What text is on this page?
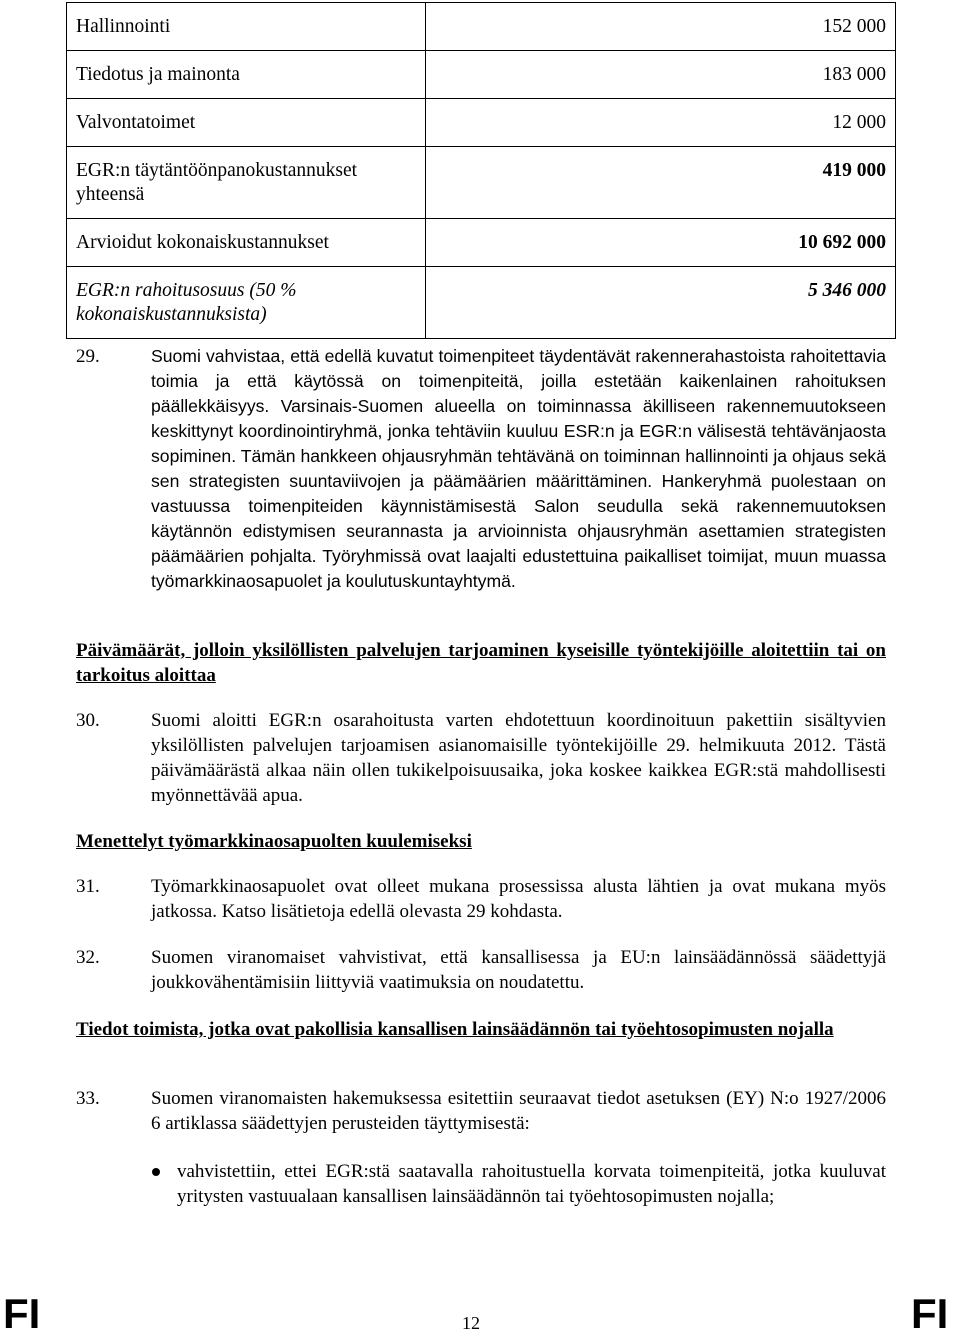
Hallinnointi	152 000
Tiedotus ja mainonta	183 000
Valvontatoimet	12 000
EGR:n täytäntöönpanokustannukset yhteensä	419 000
Arvioidut kokonaiskustannukset	10 692 000
EGR:n rahoitusosuus (50 % kokonaiskustannuksista)	5 346 000
29.	Suomi vahvistaa, että edellä kuvatut toimenpiteet täydentävät rakennerahastoista rahoitettavia toimia ja että käytössä on toimenpiteitä, joilla estetään kaikenlainen rahoituksen päällekkäisyys. Varsinais-Suomen alueella on toiminnassa äkilliseen rakennemuutokseen keskittynyt koordinointiryhmä, jonka tehtäviin kuuluu ESR:n ja EGR:n välisestä tehtävänjaosta sopiminen. Tämän hankkeen ohjausryhmän tehtävänä on toiminnan hallinnointi ja ohjaus sekä sen strategisten suuntaviivojen ja päämäärien määrittäminen. Hankeryhmä puolestaan on vastuussa toimenpiteiden käynnistämisestä Salon seudulla sekä rakennemuutoksen käytännön edistymisen seurannasta ja arvioinnista ohjausryhmän asettamien strategisten päämäärien pohjalta. Työryhmissä ovat laajalti edustettuina paikalliset toimijat, muun muassa työmarkkinaosapuolet ja koulutuskuntayhtymä.
Päivämäärät, jolloin yksilöllisten palvelujen tarjoaminen kyseisille työntekijöille aloitettiin tai on tarkoitus aloittaa
30.	Suomi aloitti EGR:n osarahoitusta varten ehdotettuun koordinoituun pakettiin sisältyvien yksilöllisten palvelujen tarjoamisen asianomaisille työntekijöille 29. helmikuuta 2012. Tästä päivämäärästä alkaa näin ollen tukikelpoisuusaika, joka koskee kaikkea EGR:stä mahdollisesti myönnettävää apua.
Menettelyt työmarkkinaosapuolten kuulemiseksi
31.	Työmarkkinaosapuolet ovat olleet mukana prosessissa alusta lähtien ja ovat mukana myös jatkossa. Katso lisätietoja edellä olevasta 29 kohdasta.
32.	Suomen viranomaiset vahvistivat, että kansallisessa ja EU:n lainsäädännössä säädettyjä joukkovähentämisiin liittyviä vaatimuksia on noudatettu.
Tiedot toimista, jotka ovat pakollisia kansallisen lainsäädännön tai työehtosopimusten nojalla
33.	Suomen viranomaisten hakemuksessa esitettiin seuraavat tiedot asetuksen (EY) N:o 1927/2006 6 artiklassa säädettyjen perusteiden täyttymisestä:
vahvistettiin, ettei EGR:stä saatavalla rahoitustuella korvata toimenpiteitä, jotka kuuluvat yritysten vastuualaan kansallisen lainsäädännön tai työehtosopimusten nojalla;
FI	12	FI
